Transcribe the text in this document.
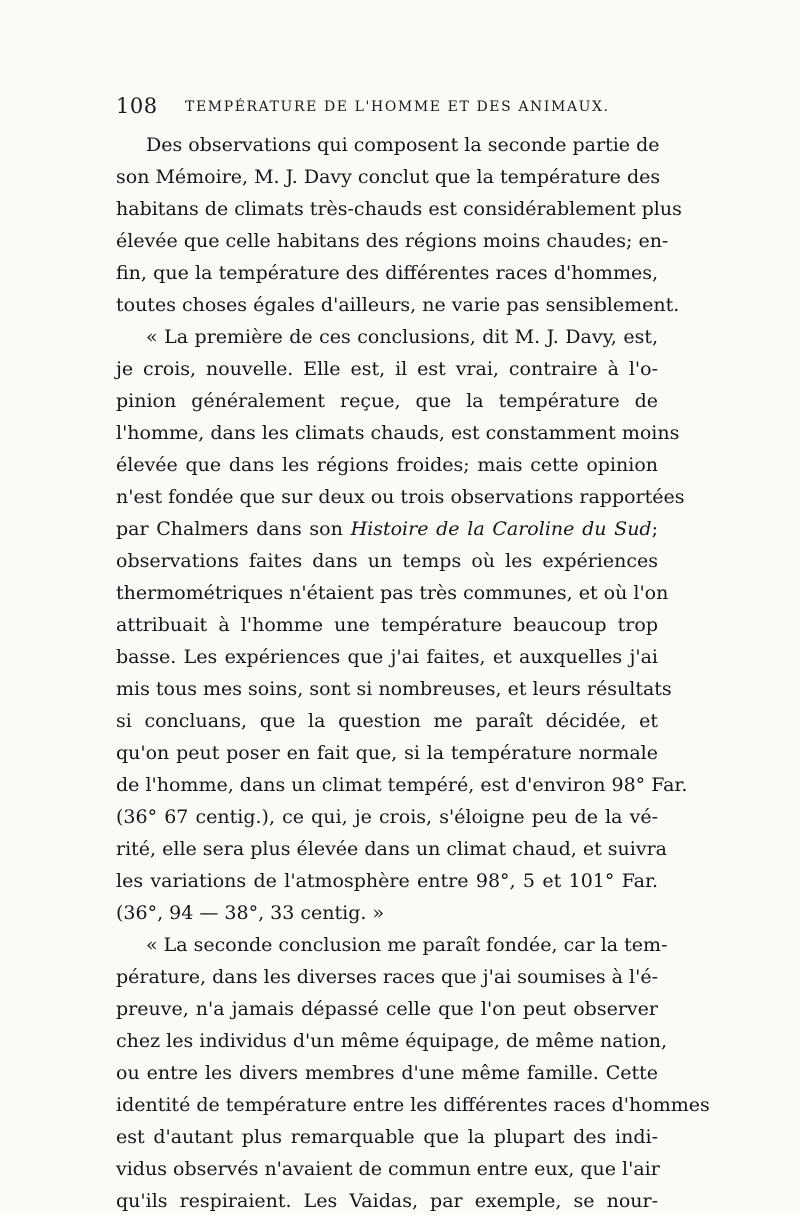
108 TEMPÉRATURE DE L'HOMME ET DES ANIMAUX.
Des observations qui composent la seconde partie de
son Mémoire, M. J. Davy conclut que la température des
habitans de climats très-chauds est considérablement plus
élevée que celle habitans des régions moins chaudes; en-
fin, que la température des différentes races d'hommes,
toutes choses égales d'ailleurs, ne varie pas sensiblement.
« La première de ces conclusions, dit M. J. Davy, est,
je crois, nouvelle. Elle est, il est vrai, contraire à l'o-
pinion généralement reçue, que la température de
l'homme, dans les climats chauds, est constamment moins
élevée que dans les régions froides; mais cette opinion
n'est fondée que sur deux ou trois observations rapportées
par Chalmers dans son Histoire de la Caroline du Sud;
observations faites dans un temps où les expériences
thermométriques n'étaient pas très communes, et où l'on
attribuait à l'homme une température beaucoup trop
basse. Les expériences que j'ai faites, et auxquelles j'ai
mis tous mes soins, sont si nombreuses, et leurs résultats
si concluans, que la question me paraît décidée, et
qu'on peut poser en fait que, si la température normale
de l'homme, dans un climat tempéré, est d'environ 98° Far.
(36° 67 centig.), ce qui, je crois, s'éloigne peu de la vé-
rité, elle sera plus élevée dans un climat chaud, et suivra
les variations de l'atmosphère entre 98°, 5 et 101° Far.
(36°, 94 — 38°, 33 centig. »
« La seconde conclusion me paraît fondée, car la tem-
pérature, dans les diverses races que j'ai soumises à l'é-
preuve, n'a jamais dépassé celle que l'on peut observer
chez les individus d'un même équipage, de même nation,
ou entre les divers membres d'une même famille. Cette
identité de température entre les différentes races d'hommes
est d'autant plus remarquable que la plupart des indi-
vidus observés n'avaient de commun entre eux, que l'air
qu'ils respiraient. Les Vaidas, par exemple, se nour-
